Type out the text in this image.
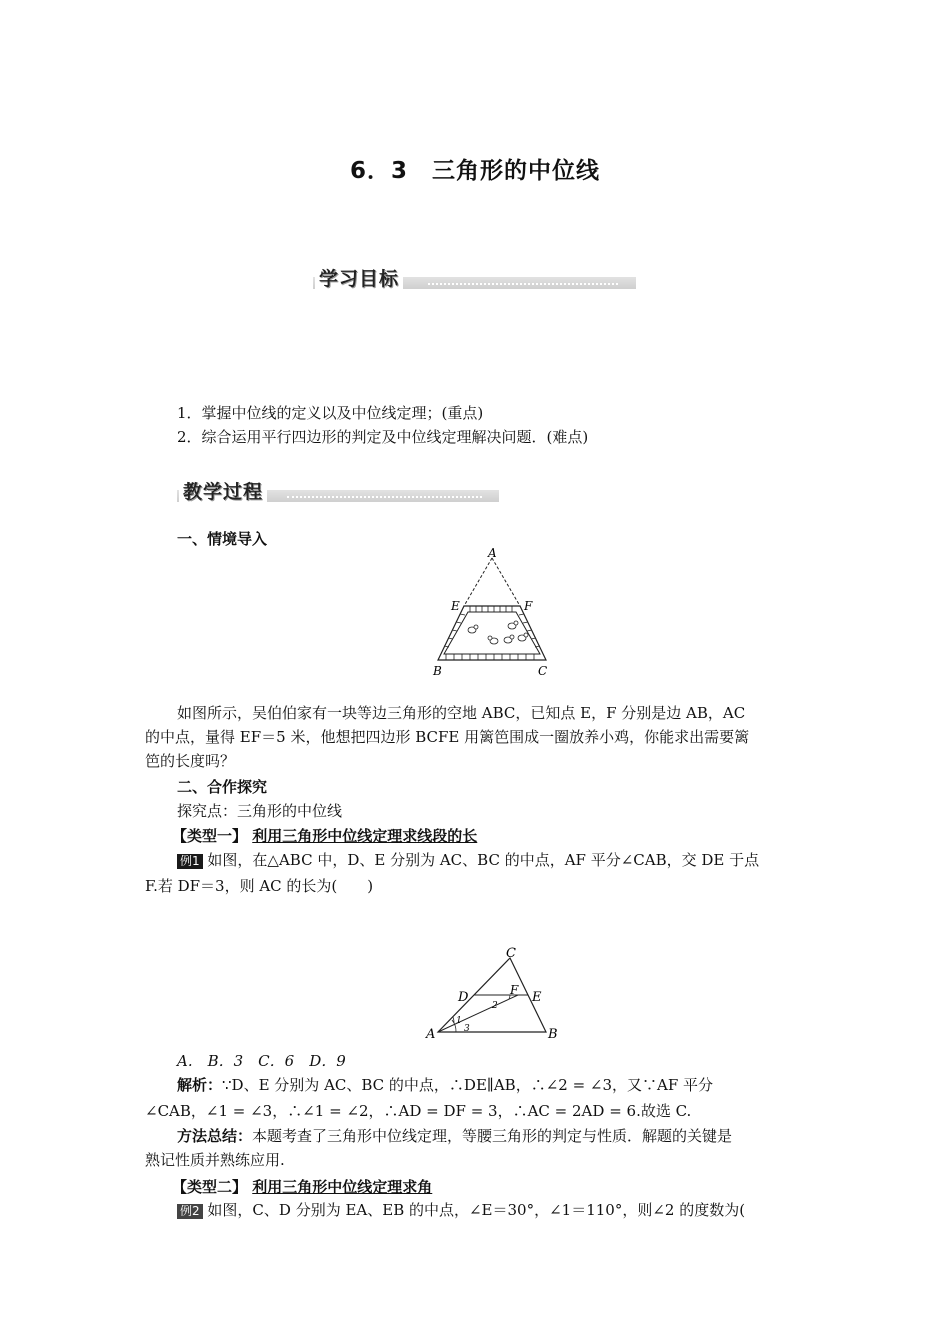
6．3　三角形的中位线
学习目标
1．掌握中位线的定义以及中位线定理；(重点)
2．综合运用平行四边形的判定及中位线定理解决问题．(难点)
教学过程
一、情境导入
A
E	F
B	C
如图所示，吴伯伯家有一块等边三角形的空地 ABC，已知点 E，F 分别是边 AB，AC
的中点，量得 EF＝5 米，他想把四边形 BCFE 用篱笆围成一圈放养小鸡，你能求出需要篱
笆的长度吗？
二、合作探究
探究点：三角形的中位线
【类型一】 利用三角形中位线定理求线段的长
例1 如图，在△ABC 中，D、E 分别为 AC、BC 的中点，AF 平分∠CAB，交 DE 于点
F.若 DF＝3，则 AC 的长为(　　)
C
D	F E
A	B
1
2
3
A.　B．3　C．6　D．9
解析：∵D、E 分别为 AC、BC 的中点，∴DE∥AB，∴∠2 = ∠3，又∵AF 平分
∠CAB，∠1 = ∠3，∴∠1 = ∠2，∴AD = DF = 3，∴AC = 2AD = 6.故选 C.
方法总结：本题考查了三角形中位线定理，等腰三角形的判定与性质．解题的关键是
熟记性质并熟练应用.
【类型二】 利用三角形中位线定理求角
例2 如图，C、D 分别为 EA、EB 的中点，∠E＝30°，∠1＝110°，则∠2 的度数为(
